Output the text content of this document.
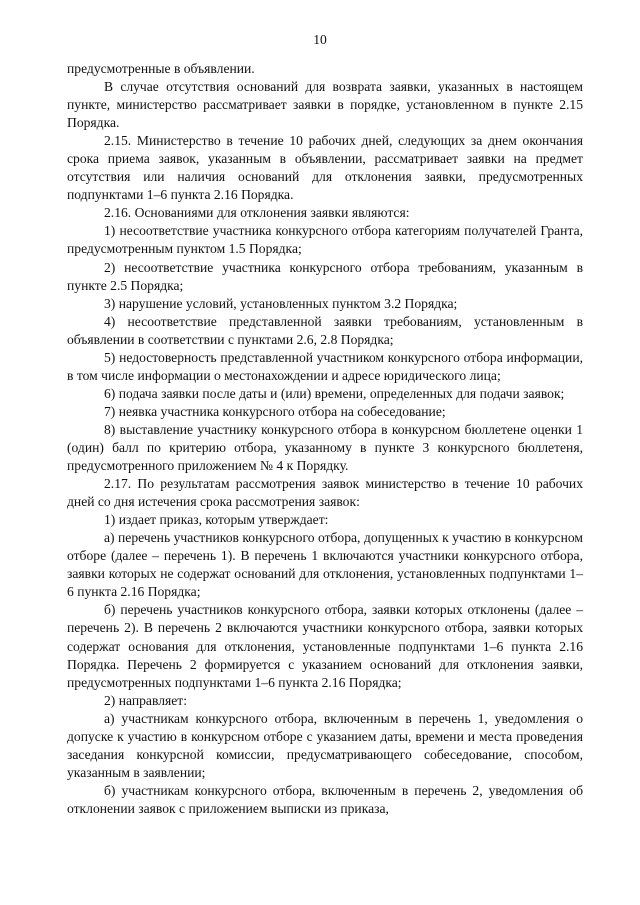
10

предусмотренные в объявлении.

В случае отсутствия оснований для возврата заявки, указанных в настоящем пункте, министерство рассматривает заявки в порядке, установленном в пункте 2.15 Порядка.

2.15. Министерство в течение 10 рабочих дней, следующих за днем окончания срока приема заявок, указанным в объявлении, рассматривает заявки на предмет отсутствия или наличия оснований для отклонения заявки, предусмотренных подпунктами 1–6 пункта 2.16 Порядка.

2.16. Основаниями для отклонения заявки являются:

1) несоответствие участника конкурсного отбора категориям получателей Гранта, предусмотренным пунктом 1.5 Порядка;

2) несоответствие участника конкурсного отбора требованиям, указанным в пункте 2.5 Порядка;

3) нарушение условий, установленных пунктом 3.2 Порядка;

4) несоответствие представленной заявки требованиям, установленным в объявлении в соответствии с пунктами 2.6, 2.8 Порядка;

5) недостоверность представленной участником конкурсного отбора информации, в том числе информации о местонахождении и адресе юридического лица;

6) подача заявки после даты и (или) времени, определенных для подачи заявок;

7) неявка участника конкурсного отбора на собеседование;

8) выставление участнику конкурсного отбора в конкурсном бюллетене оценки 1 (один) балл по критерию отбора, указанному в пункте 3 конкурсного бюллетеня, предусмотренного приложением № 4 к Порядку.

2.17. По результатам рассмотрения заявок министерство в течение 10 рабочих дней со дня истечения срока рассмотрения заявок:

1) издает приказ, которым утверждает:

а) перечень участников конкурсного отбора, допущенных к участию в конкурсном отборе (далее – перечень 1). В перечень 1 включаются участники конкурсного отбора, заявки которых не содержат оснований для отклонения, установленных подпунктами 1–6 пункта 2.16 Порядка;

б) перечень участников конкурсного отбора, заявки которых отклонены (далее – перечень 2). В перечень 2 включаются участники конкурсного отбора, заявки которых содержат основания для отклонения, установленные подпунктами 1–6 пункта 2.16 Порядка. Перечень 2 формируется с указанием оснований для отклонения заявки, предусмотренных подпунктами 1–6 пункта 2.16 Порядка;

2) направляет:

а) участникам конкурсного отбора, включенным в перечень 1, уведомления о допуске к участию в конкурсном отборе с указанием даты, времени и места проведения заседания конкурсной комиссии, предусматривающего собеседование, способом, указанным в заявлении;

б) участникам конкурсного отбора, включенным в перечень 2, уведомления об отклонении заявок с приложением выписки из приказа,
